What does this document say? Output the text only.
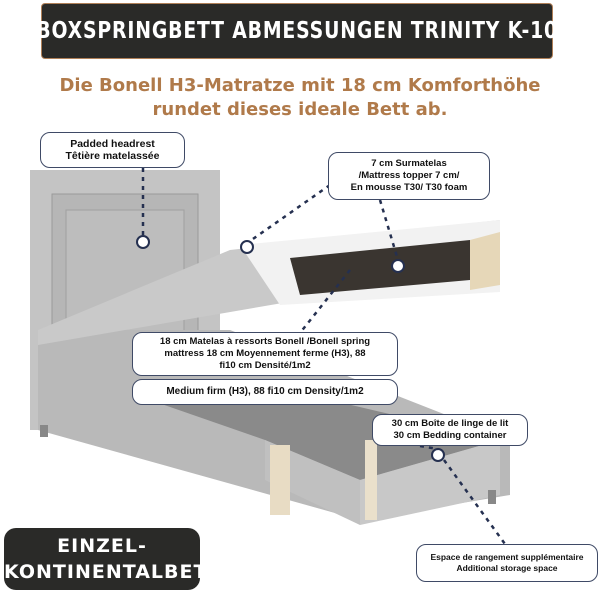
BOXSPRINGBETT ABMESSUNGEN TRINITY K-10
Die Bonell H3-Matratze mit 18 cm Komforthöhe
rundet dieses ideale Bett ab.
Padded headrest
Têtière matelassée
7 cm Surmatelas
/Mattress topper 7 cm/
En mousse T30/ T30 foam
18 cm Matelas à ressorts Bonell /Bonell spring
mattress 18 cm Moyennement ferme (H3), 88
fi10 cm Densité/1m2
Medium firm (H3), 88 fi10 cm Density/1m2
30 cm Boîte de linge de lit
30 cm Bedding container
Espace de rangement supplémentaire
Additional storage space
EINZEL-
KONTINENTALBETT
